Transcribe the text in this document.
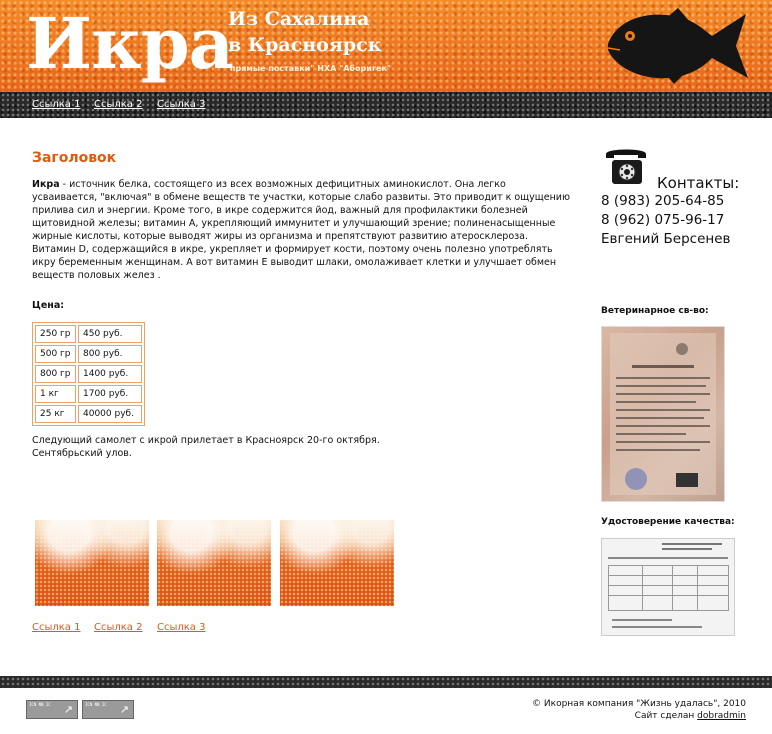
Икра
Из Сахалина
в Красноярск
прямые поставки" НХА "Аборигек"
Ссылка 1 Ссылка 2 Ссылка 3
Заголовок
Икра - источник белка, состоящего из всех возможных дефицитных аминокислот. Она легко усваивается, "включая" в обмене веществ те участки, которые слабо развиты. Это приводит к ощущению прилива сил и энергии. Кроме того, в икре содержится йод, важный для профилактики болезней щитовидной железы; витамин А, укрепляющий иммунитет и улучшающий зрение; полиненасыщенные жирные кислоты, которые выводят жиры из организма и препятствуют развитию атеросклероза. Витамин D, содержащийся в икре, укрепляет и формирует кости, поэтому очень полезно употреблять икру беременным женщинам. А вот витамин Е выводит шлаки, омолаживает клетки и улучшает обмен веществ половых желез .
Цена:
250 гр	450 руб.
500 гр	800 руб.
800 гр	1400 руб.
1 кг	1700 руб.
25 кг	40000 руб.
Следующий самолет с икрой прилетает в Красноярск 20-го октября.
Сентябрьский улов.
Ссылка 1 Ссылка 2 Ссылка 3
Контакты:
8 (983) 205-64-85
8 (962) 075-96-17
Евгений Берсенев
Ветеринарное св-во:
Удостоверение качества:
ICN NN IC ↗	ICN NN IC ↗	© Икорная компания "Жизнь удалась", 2010
Сайт сделан dobradmin
